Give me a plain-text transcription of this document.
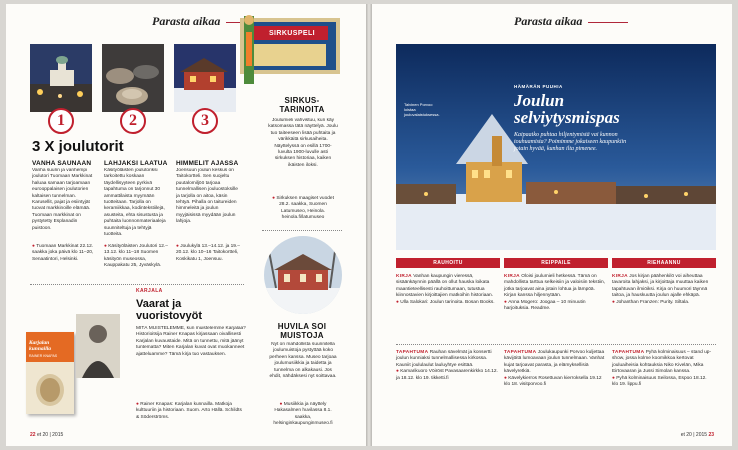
Parasta aikaa
SIRKUSPELI
1	2	3
3 X joulutorit
VANHA SAUNAAN
Vanha suurin ja vanhempi joulutori Tuomaan Markkinat haluaa samaan tarjoamaan eurooppalaisen joulutorien kaltaisen tunnelman. Karusellit, pajat ja esiintyjät tuovat markkinoille elämää. Tuomaan markkinat on pystytetty Esplanadin puistoon.
● Tuomaan Markkinat 22.12. saakka joka päivä klo 11–20, Senaatintori, Helsinki.
LAHJAKSI LAATUA
Käsityöläisten joulutoriksi tarkoitettu koskaan täydellisyyteen pyrkivä tapahtuma on tarjonnut 30 ammattilaista myymään tuotteitaan. Tarjolla on keramiikkaa, kodintekstiilejä, asusteita, ehta sisustusta ja puhtaita luonnonmateriaaleja suunniteltuja ja tehtyjä tuotteita.
● Käsityöläisten Joulutori 12.–13.12. klo 11–18 Suomen käsityön museossa, Kauppakatu 25, Jyväskylä.
HIMMELIT AJASSA
Joensuun joulun keskus on Taitokortteli. Sen suojeltu puutalomiljöö tarjoaa tunnelmallisen jouluostoksille ja tarjolla on aitoa, käsin tehtyä. Pihalla on taitureiden himmeleitä ja joulun myyjäisissä myydään joulun lahjoja.
● Joulukylä 13.–14.12. ja 19.–20.12. klo 10–16 Taitokortteli, Koskikatu 1, Joensuu.
SIRKUS-
TARINOITA
Joulumieli vahvistuu, kun käy katsomassa tätä näyttelyä. Joulu tuo taiteeseen lisää puhtaita ja värikkäitä sirkusaiheita. Näyttelyssä on esillä 1700-luvulta 1900-luvulle asti sirkuksen historiaa, kaiken ikäisten iloksi.
● Sirkuksen maagiset vuodet 28.2. saakka, Suomen Latumuseo, Heinola. heinola.fi/latumuseo
HUVILA SOI
MUISTOJA
Nyt on mahdollista suunnitella joulumuistoja pystyttää koko perheen kanssa. Museo tarjoaa joulumusiikkia ja taidetta ja tunnelma on alkakausi. Jos ehdit, nähdäksesi nyt soittavaa.
● Musiikkia ja näyttely Hakasalmen huvilassa 8.1. saakka, helsinginkaupunginmuseo.fi
Karjalan kunnailla
RAINER KNAPAS
KARJALA
Vaarat ja vuoristovyöt
MITÄ MUISTELEMME, kun muistelemme Karjalaa? Historioitsija Rainer Knapas kirjassaan oivallisesti Karjalan kuvaustaide. Mitä on tunnettu, mitä jäänyt tuntematta? Miten Karjalan kuvat ovat muokanneet ajatteluamme? Tämä kirja tuo vastauksen.
● Rainer Knapas: Karjalan kunnailla. Matkoja kulttuuriin ja historiaan. Suom. Arto Hällä. Schildts & Söderströms.
22 et 20 | 2015
Parasta aikaa
Talvinen Porvoo loistaa jouluvalaistuksessa.
HÄMÄRÄN PUUHIA
Joulun
selviytysmispas
Kaipaatko puhtaa hiljentymistä vai kunnon touhuamista? Poimimme jokaiseen kaupunkiin jotain hyvää, kunhan ilta pimenee.
RAUHOITU	REIPPAILE	RIEHAANNU
KIRJA Vanhan kaupungin vieressä, sisäänkäynnin päällä on ollut hauska loikata maantieteellisesti rauhoittumaan, tutustua kiinnostavien kirjoittajien matkoihin historiaan.
● Ulla Salokari: Joulun tarinoita. Bosan Books.
KIRJA Oloisi joulumieli hetkessä. Tämä on mahdollista tarttua selkeisiin ja valoisiin tekstiin, jotka tarjoavat aina jotain lohtua ja lämpöä. Kirjan kanssa hiljennytään.
● Anna Mogero: Joogaa – 10 minuutin harjoituksia. Readme.
KIRJA Jos kirjan päähenkilö voi aiheuttaa tavaroita lahjaksi, ja kirjoittaja muuttaa kaiken tapahtuvan ilmiöiksi. Kirja on huumori täynnä taitoa, ja hauskuutta joulun ajalle ehkäpä.
● Johanthan Franzen: Purity. Siltala.
TAPAHTUMA Rauhan sävelmät ja konsertti joulun kunniaksi tunnelmallisessa kirkossa. Kauniit joululaulut lauluyhtye esittää.
● Kamarikuoro Vöiröst Pavasaarenkirkko 14.12. ja 18.12. klo 19. tikketti.fi
TAPAHTUMA Joulukaupunki Porvoo kuljettaa kävijöitä lumoavaan joulun tunnelmaan. Vanhat kujat tarjoavat parasta, ja elämyksellisiä kävelyretkiä.
● Kävelykierros Rosettuvan kierroksella 19.12 klo 18. visitporvoo.fi
TAPAHTUMA Pyhä kolminaisuus – stand up-show, jossa kolme koomikkoa kertovat jouluaiheisia kohtauksia Niko Kivelän, Mika Eirtovaaran ja Jussi Simolan kanssa.
● Pyhä kolminaisuus Seilossa, Espoo 18.12. klo 19. lippu.fi
et 20 | 2015 23
